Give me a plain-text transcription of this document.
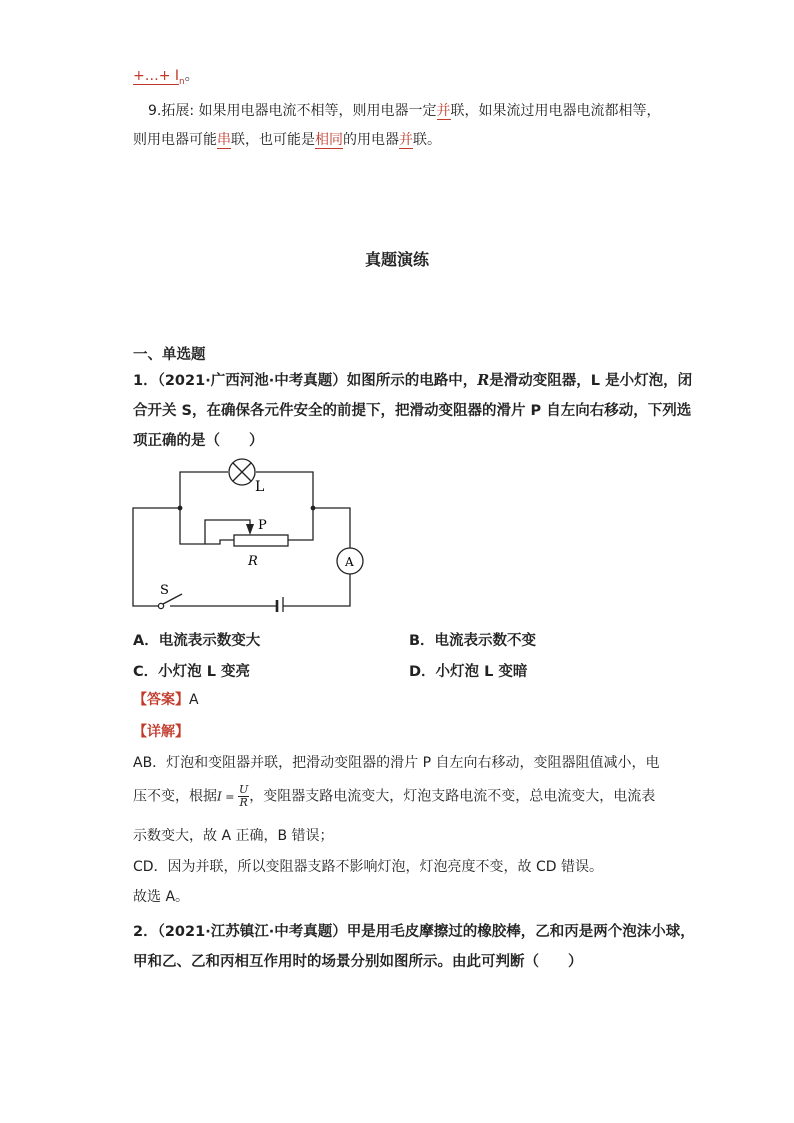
+…+ $I_n$。
9.拓展: 如果用电器电流不相等，则用电器一定并联，如果流过用电器电流都相等，
则用电器可能串联，也可能是相同的用电器并联。
真题演练
一、单选题
1．（2021·广西河池·中考真题）如图所示的电路中，R是滑动变阻器，L 是小灯泡，闭
合开关 S，在确保各元件安全的前提下，把滑动变阻器的滑片 P 自左向右移动，下列选
项正确的是（　　）
L
P
R	A
S
A．电流表示数变大	B．电流表示数不变
C．小灯泡 L 变亮	D．小灯泡 L 变暗
【答案】A
【详解】
AB．灯泡和变阻器并联，把滑动变阻器的滑片 P 自左向右移动，变阻器阻值减小，电
压不变，根据$I = \frac{U}{R}$ ，变阻器支路电流变大，灯泡支路电流不变，总电流变大，电流表
示数变大，故 A 正确，B 错误；
CD．因为并联，所以变阻器支路不影响灯泡，灯泡亮度不变，故 CD 错误。
故选 A。
2．（2021·江苏镇江·中考真题）甲是用毛皮摩擦过的橡胶棒，乙和丙是两个泡沫小球，
甲和乙、乙和丙相互作用时的场景分别如图所示。由此可判断（　　）
